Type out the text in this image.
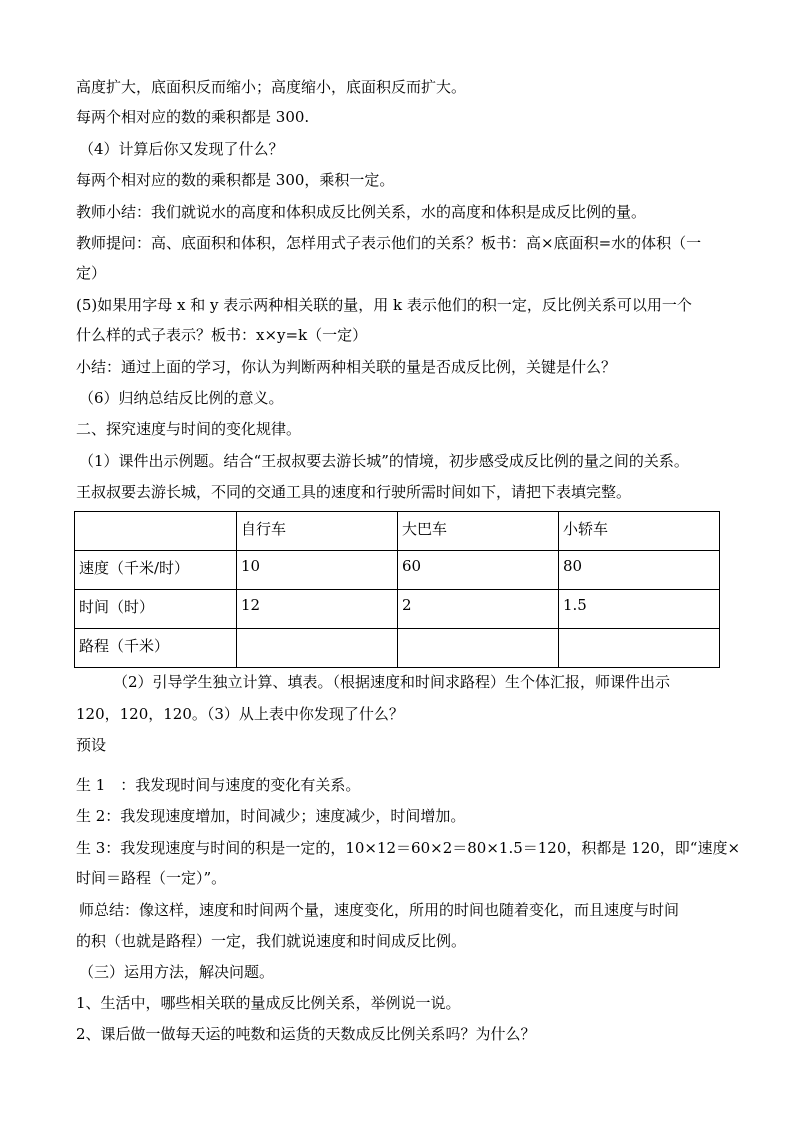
高度扩大，底面积反而缩小；高度缩小，底面积反而扩大。
每两个相对应的数的乘积都是 300.
（4）计算后你又发现了什么？
每两个相对应的数的乘积都是 300，乘积一定。
教师小结：我们就说水的高度和体积成反比例关系，水的高度和体积是成反比例的量。
教师提问：高、底面积和体积，怎样用式子表示他们的关系？板书：高×底面积=水的体积（一
定）
(5)如果用字母 x 和 y 表示两种相关联的量，用 k 表示他们的积一定，反比例关系可以用一个
什么样的式子表示？板书：x×y=k（一定）
小结：通过上面的学习，你认为判断两种相关联的量是否成反比例，关键是什么？
（6）归纳总结反比例的意义。
二、探究速度与时间的变化规律。
（1）课件出示例题。结合“王叔叔要去游长城”的情境，初步感受成反比例的量之间的关系。
王叔叔要去游长城，不同的交通工具的速度和行驶所需时间如下，请把下表填完整。
	自行车	大巴车	小轿车
速度（千米/时）	10	60	80
时间（时）	12	2	1.5
路程（千米）			
（2）引导学生独立计算、填表。（根据速度和时间求路程）生个体汇报，师课件出示
120，120，120。（3）从上表中你发现了什么？
预设
生 1　：我发现时间与速度的变化有关系。
生 2：我发现速度增加，时间减少；速度减少，时间增加。
生 3：我发现速度与时间的积是一定的，10×12＝60×2＝80×1.5＝120，积都是 120，即“速度×
时间＝路程（一定）”。
师总结：像这样，速度和时间两个量，速度变化，所用的时间也随着变化，而且速度与时间
的积（也就是路程）一定，我们就说速度和时间成反比例。
（三）运用方法，解决问题。
1、生活中，哪些相关联的量成反比例关系，举例说一说。
2、课后做一做每天运的吨数和运货的天数成反比例关系吗？为什么？
